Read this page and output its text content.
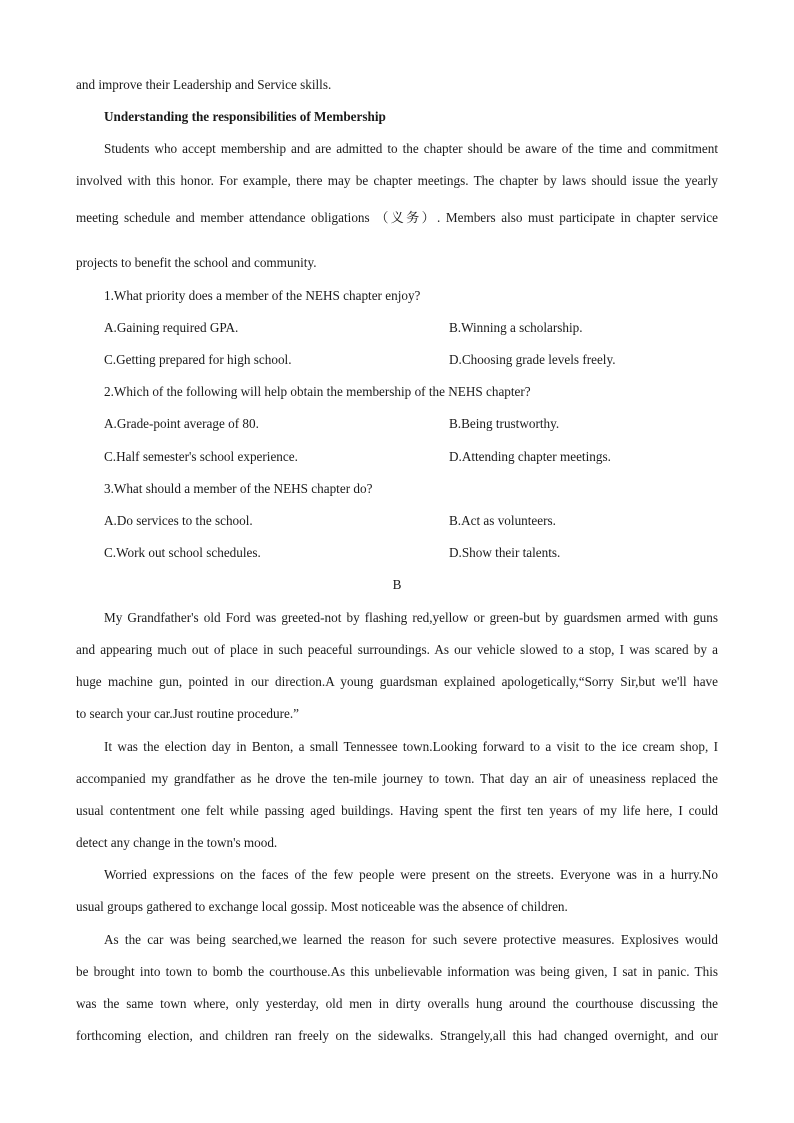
and improve their Leadership and Service skills.
Understanding the responsibilities of Membership
Students who accept membership and are admitted to the chapter should be aware of the time and commitment
involved with this honor. For example, there may be chapter meetings. The chapter by laws should issue the yearly
meeting schedule and member attendance obligations （义务）. Members also must participate in chapter service
projects to benefit the school and community.
1.What priority does a member of the NEHS chapter enjoy?
A.Gaining required GPA.	B.Winning a scholarship.
C.Getting prepared for high school.	D.Choosing grade levels freely.
2.Which of the following will help obtain the membership of the NEHS chapter?
A.Grade-point average of 80.	B.Being trustworthy.
C.Half semester's school experience.	D.Attending chapter meetings.
3.What should a member of the NEHS chapter do?
A.Do services to the school.	B.Act as volunteers.
C.Work out school schedules.	D.Show their talents.
B
My Grandfather's old Ford was greeted-not by flashing red,yellow or green-but by guardsmen armed with guns
and appearing much out of place in such peaceful surroundings. As our vehicle slowed to a stop, I was scared by a
huge machine gun, pointed in our direction.A young guardsman explained apologetically,“Sorry Sir,but we'll have
to search your car.Just routine procedure.”
It was the election day in Benton, a small Tennessee town.Looking forward to a visit to the ice cream shop, I
accompanied my grandfather as he drove the ten-mile journey to town. That day an air of uneasiness replaced the
usual contentment one felt while passing aged buildings. Having spent the first ten years of my life here, I could
detect any change in the town's mood.
Worried expressions on the faces of the few people were present on the streets. Everyone was in a hurry.No
usual groups gathered to exchange local gossip. Most noticeable was the absence of children.
As the car was being searched,we learned the reason for such severe protective measures. Explosives would
be brought into town to bomb the courthouse.As this unbelievable information was being given, I sat in panic. This
was the same town where, only yesterday, old men in dirty overalls hung around the courthouse discussing the
forthcoming election, and children ran freely on the sidewalks. Strangely,all this had changed overnight, and our
